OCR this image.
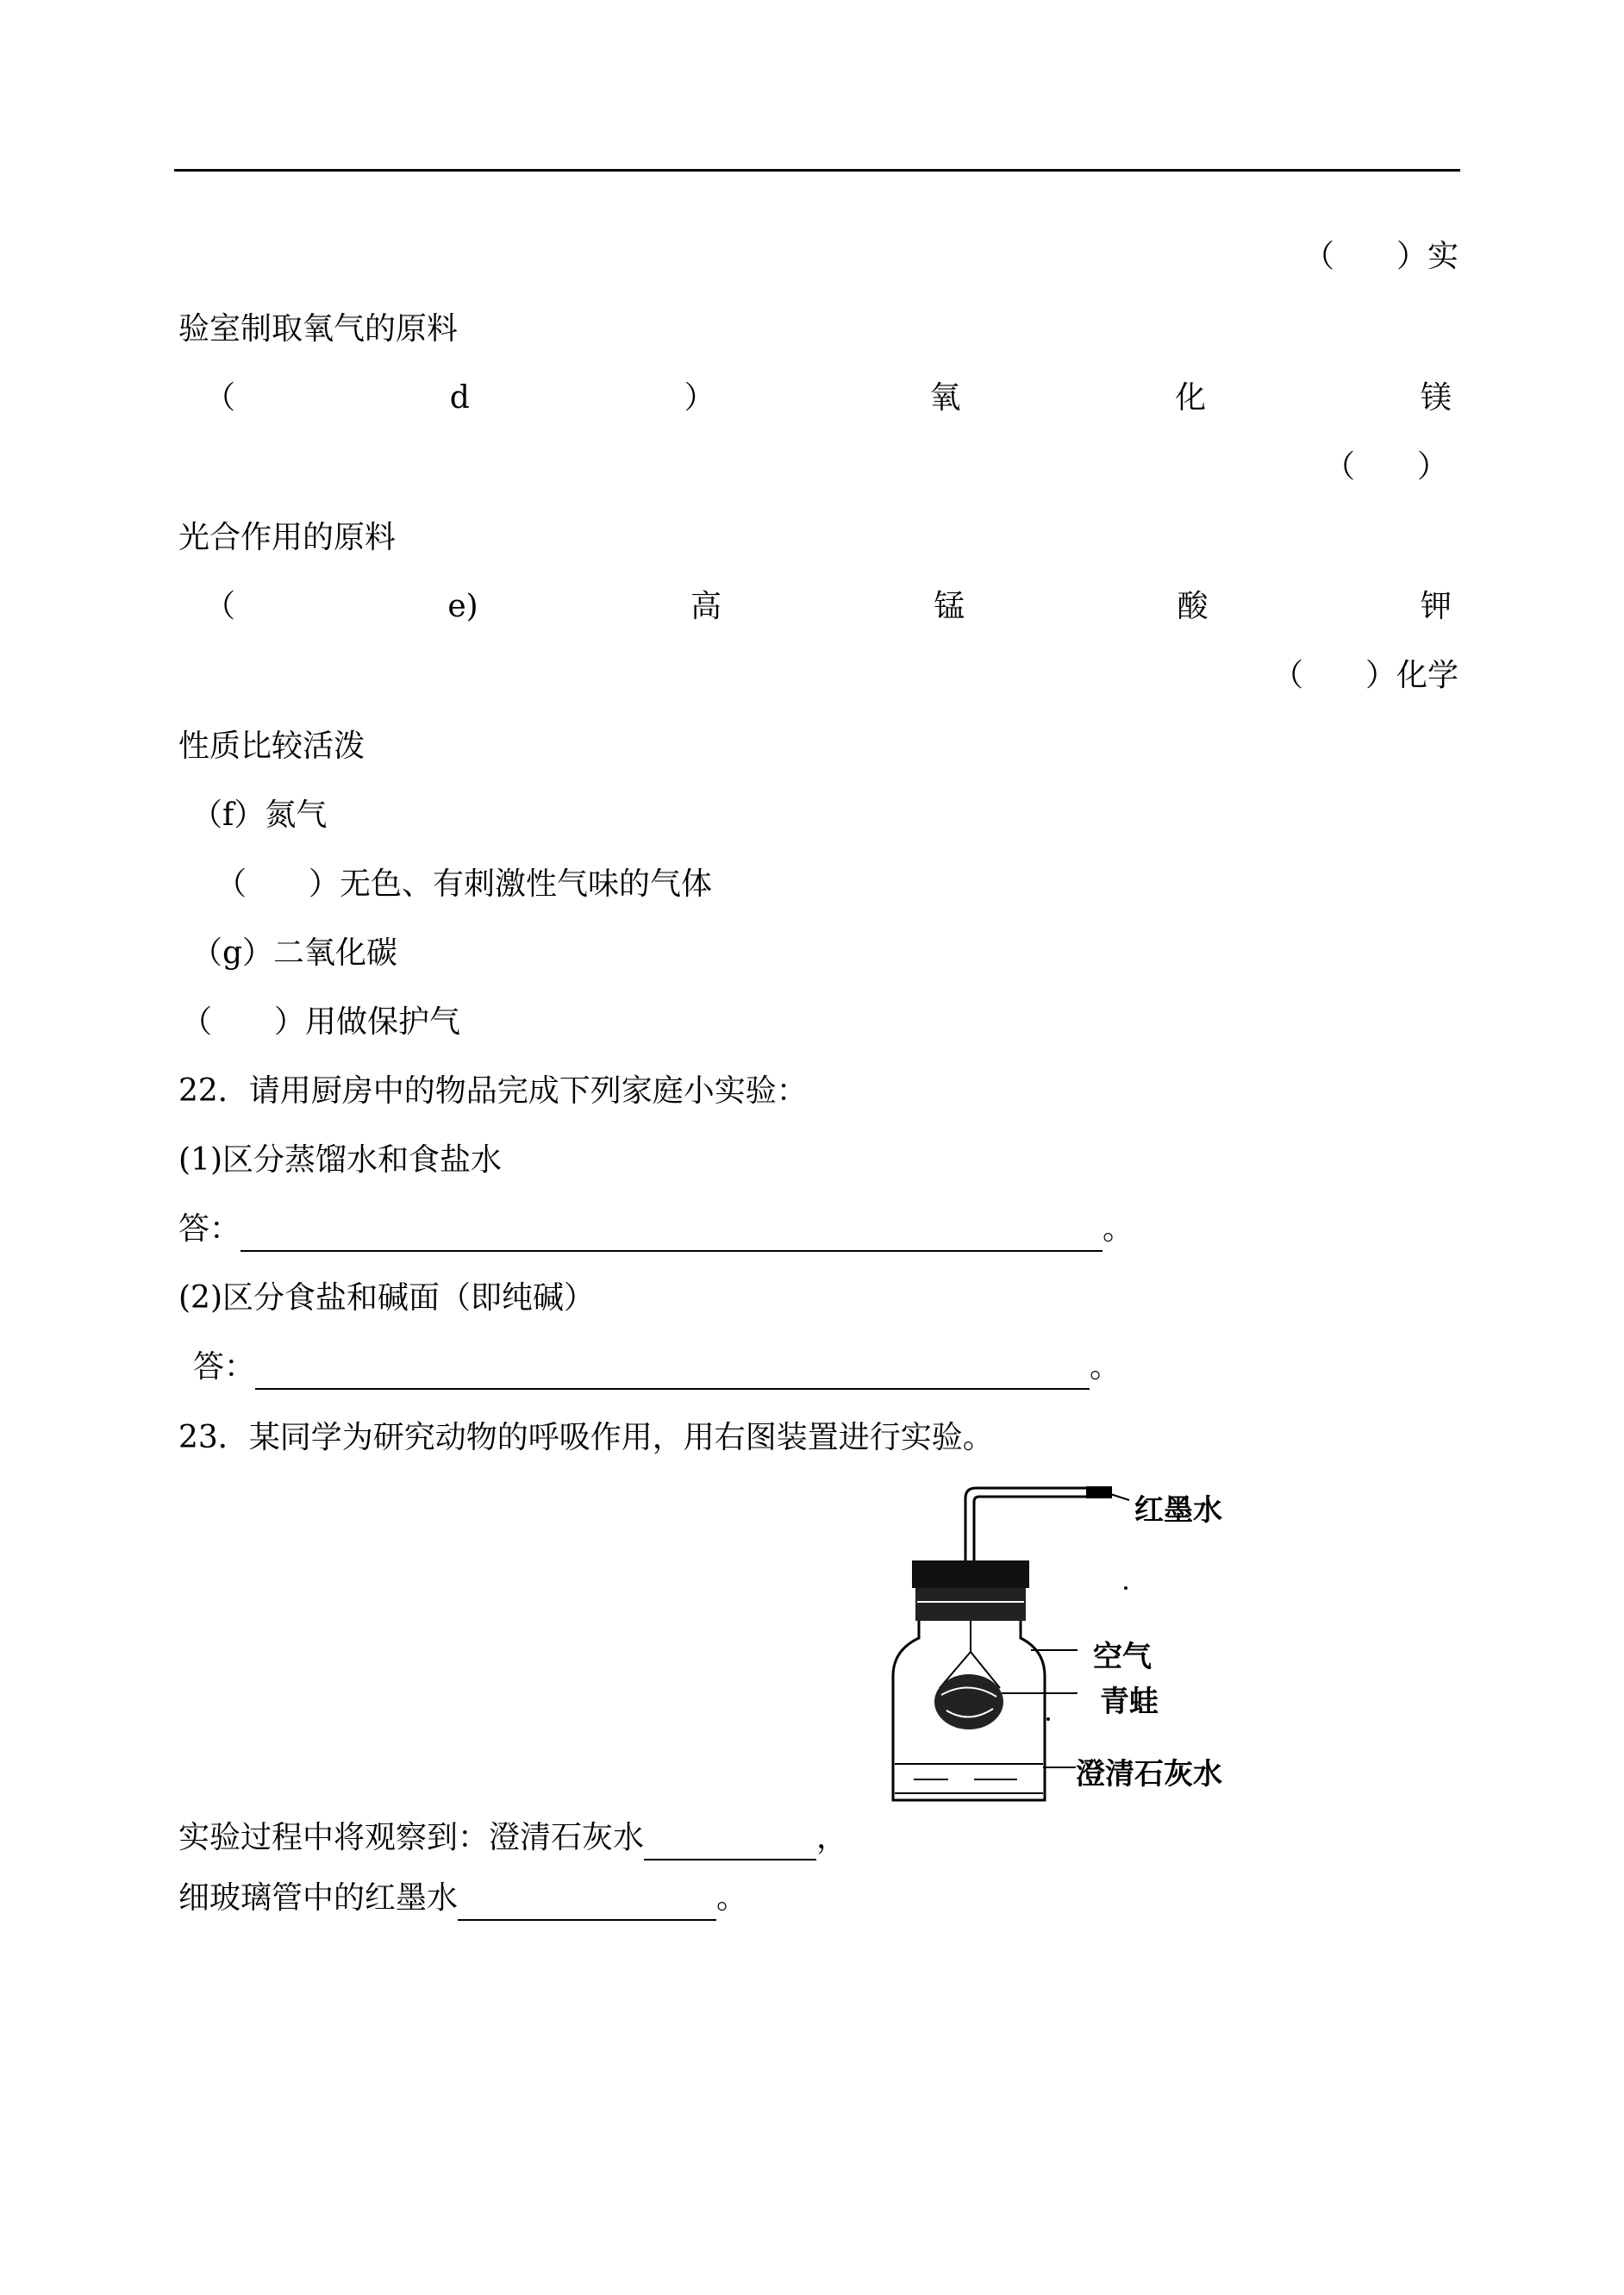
（　　）实
验室制取氧气的原料
（	d	）	氧	化	镁
（　　）
光合作用的原料
（	e)	高	锰	酸	钾
（　　）化学
性质比较活泼
（f）氮气
（　　）无色、有刺激性气味的气体
（g）二氧化碳
（　　）用做保护气
22．请用厨房中的物品完成下列家庭小实验：
(1)区分蒸馏水和食盐水
答：	。
(2)区分食盐和碱面（即纯碱）
答：	。
23．某同学为研究动物的呼吸作用，用右图装置进行实验。
红墨水
空气
青蛙
澄清石灰水
实验过程中将观察到：澄清石灰水	，
细玻璃管中的红墨水	。
